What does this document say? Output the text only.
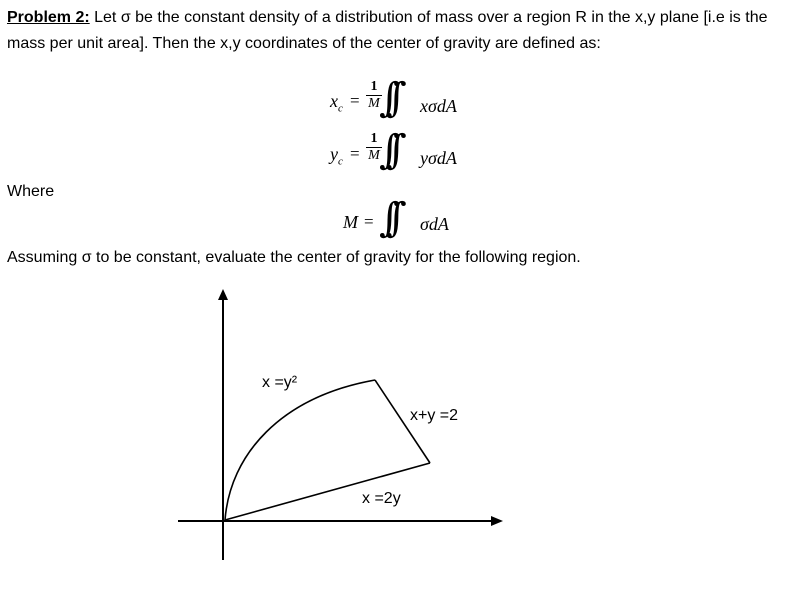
Problem 2: Let σ be the constant density of a distribution of mass over a region R in the x,y plane [i.e is the mass per unit area]. Then the x,y coordinates of the center of gravity are defined as:
$x_c$ =
1
M ∫∫ xσdA
$y_c$ =
1
M ∫∫ yσdA
Where
M = ∫∫ σdA
Assuming σ to be constant, evaluate the center of gravity for the following region.
x =y²
x+y =2
x =2y
